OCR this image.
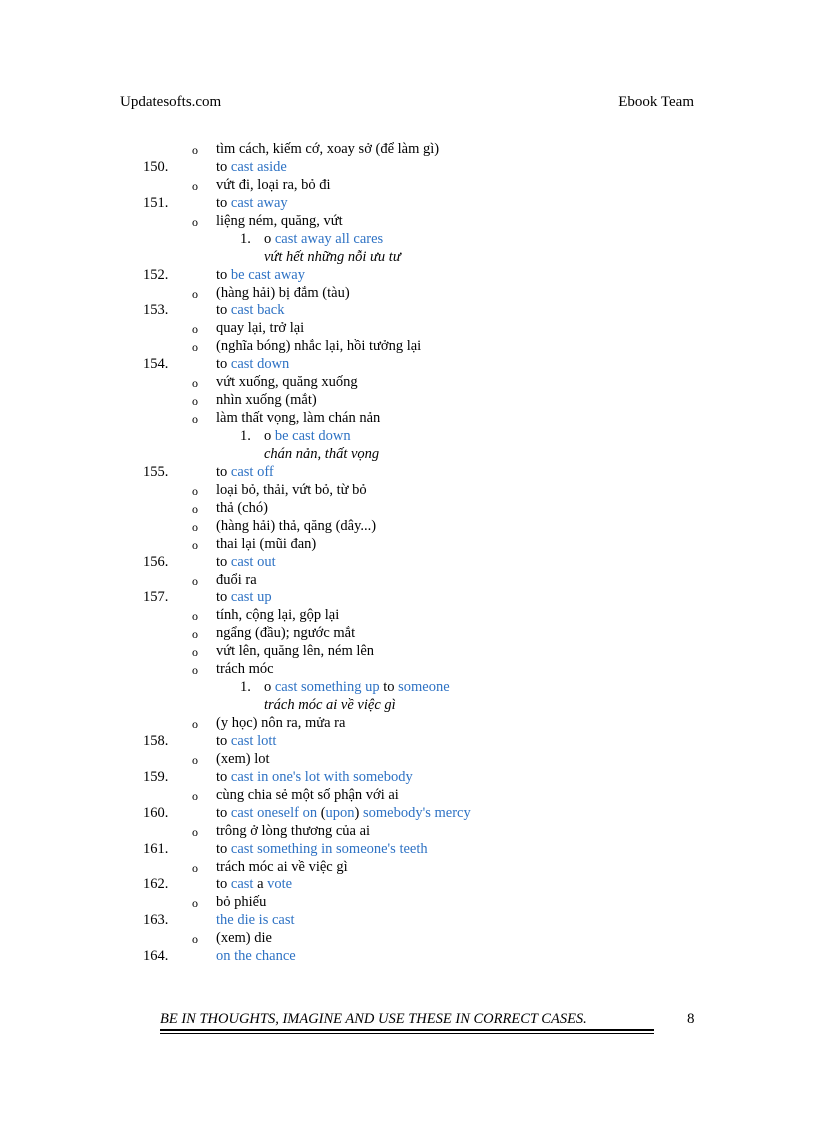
Updatesofts.com	Ebook Team
o tìm cách, kiếm cớ, xoay sở (để làm gì)
150.	to cast aside
o vứt đi, loại ra, bỏ đi
151.	to cast away
o liệng ném, quăng, vứt
1. o cast away all cares
vứt hết những nỗi ưu tư
152.	to be cast away
o (hàng hải) bị đắm (tàu)
153.	to cast back
o quay lại, trở lại
o (nghĩa bóng) nhắc lại, hồi tưởng lại
154.	to cast down
o vứt xuống, quăng xuống
o nhìn xuống (mắt)
o làm thất vọng, làm chán nản
1. o be cast down
chán nản, thất vọng
155.	to cast off
o loại bỏ, thải, vứt bỏ, từ bỏ
o thả (chó)
o (hàng hải) thả, qăng (dây...)
o thai lại (mũi đan)
156.	to cast out
o đuổi ra
157.	to cast up
o tính, cộng lại, gộp lại
o ngẩng (đầu); ngước mắt
o vứt lên, quăng lên, ném lên
o trách móc
1. o cast something up to someone
trách móc ai về việc gì
o (y học) nôn ra, mửa ra
158.	to cast lott
o (xem) lot
159.	to cast in one's lot with somebody
o cùng chia sẻ một số phận với ai
160.	to cast oneself on (upon) somebody's mercy
o trông ở lòng thương của ai
161.	to cast something in someone's teeth
o trách móc ai về việc gì
162.	to cast a vote
o bỏ phiếu
163.	the die is cast
o (xem) die
164.	on the chance
BE IN THOUGHTS, IMAGINE AND USE THESE IN CORRECT CASES.	8
